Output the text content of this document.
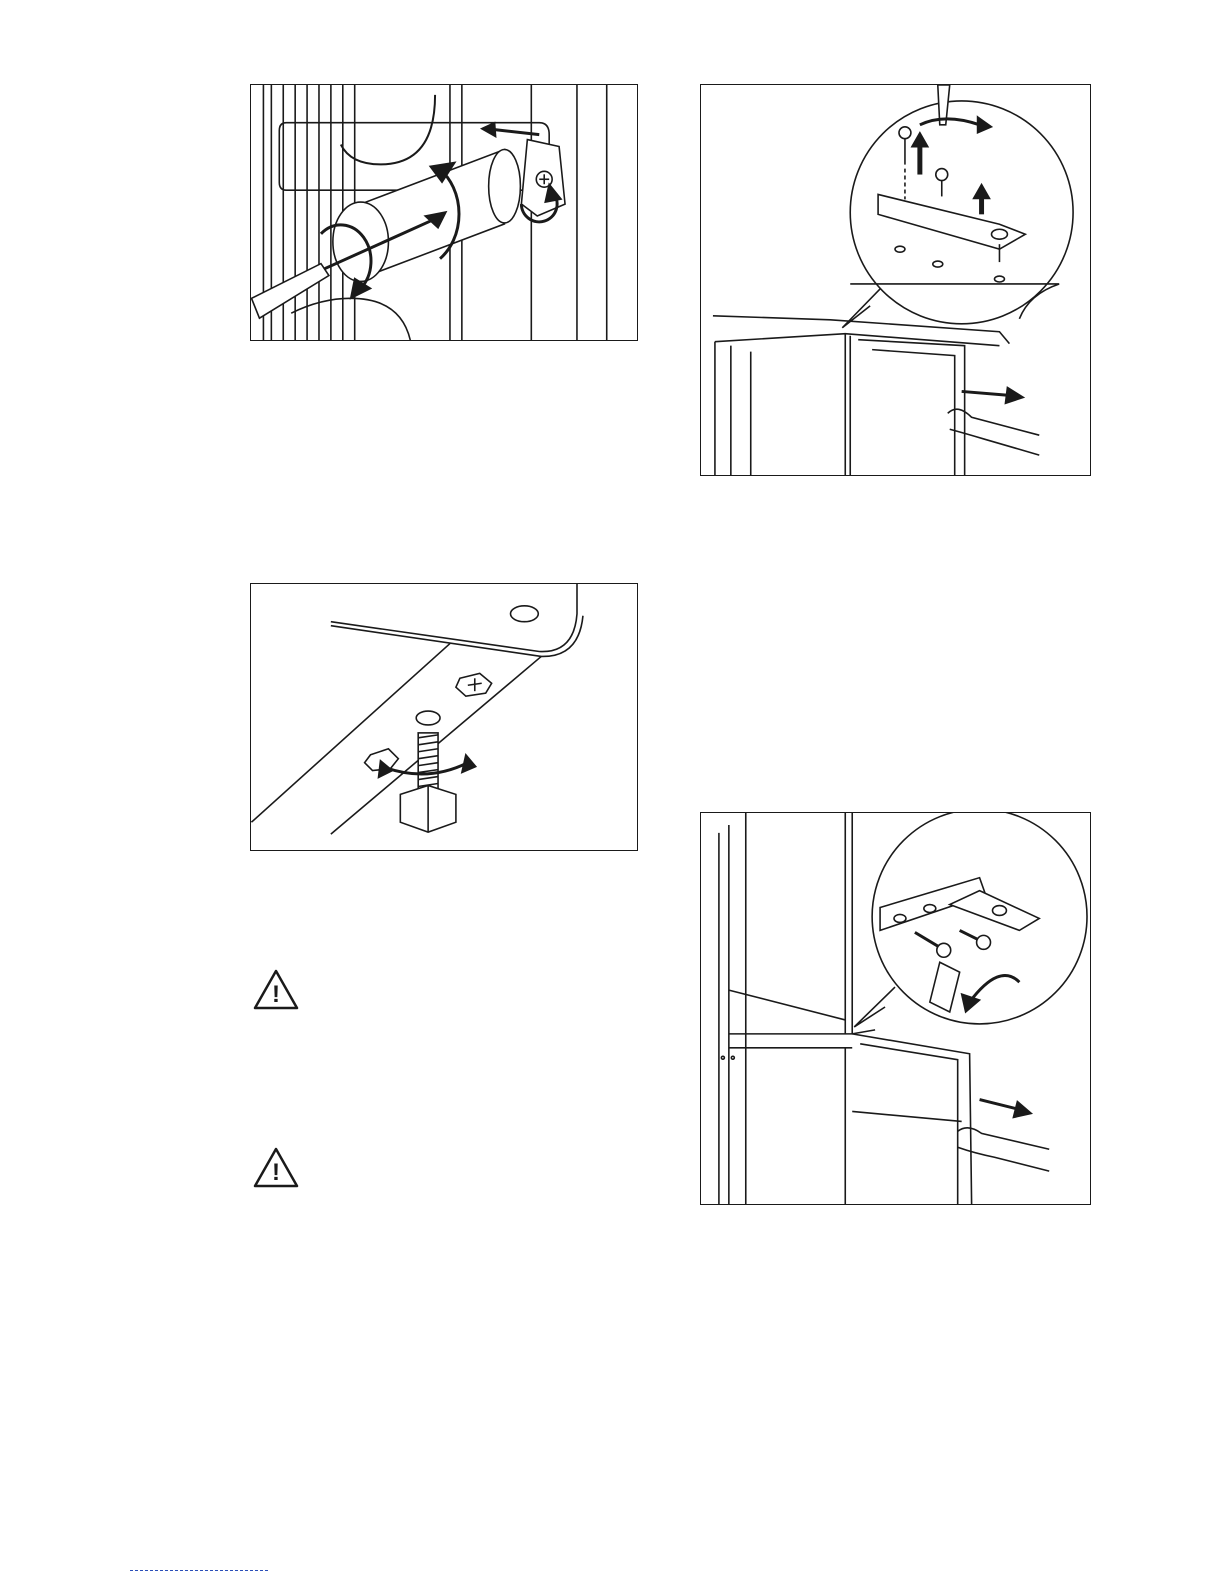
!
!
